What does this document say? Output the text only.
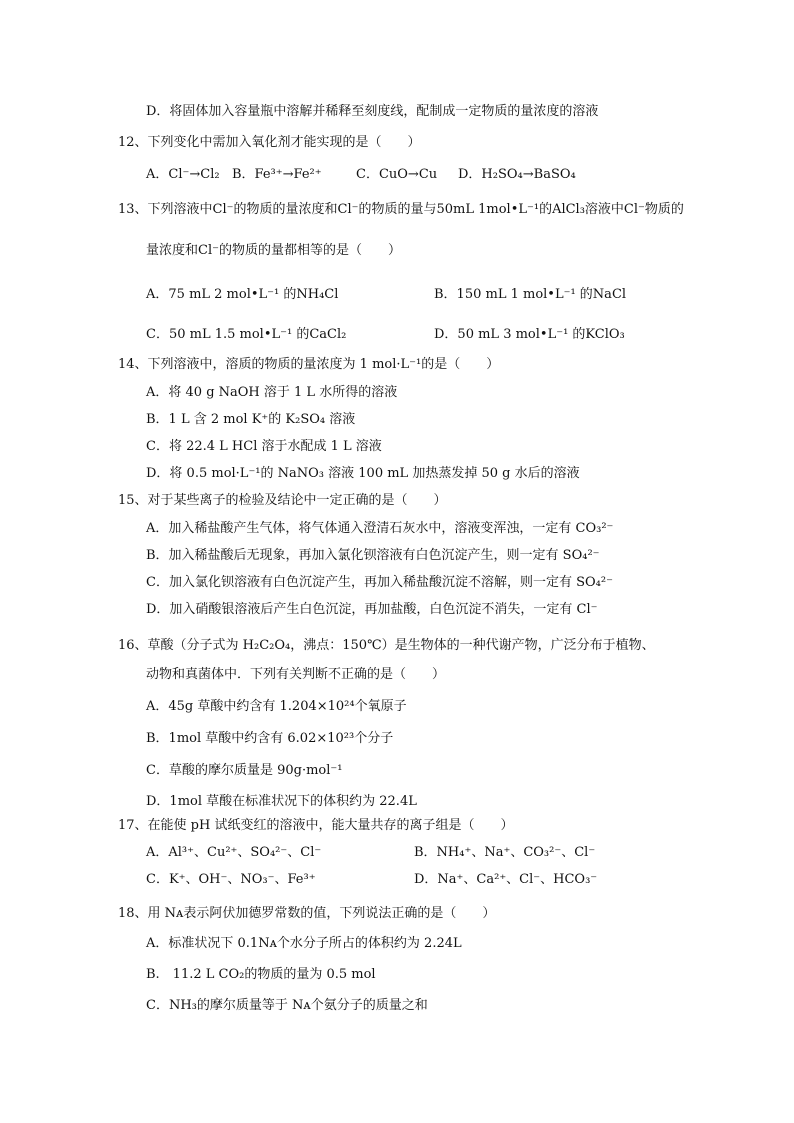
D．将固体加入容量瓶中溶解并稀释至刻度线，配制成一定物质的量浓度的溶液
12、下列变化中需加入氧化剂才能实现的是（　　）
A．Cl⁻→Cl₂ B．Fe³⁺→Fe²⁺	C．CuO→Cu	D．H₂SO₄→BaSO₄
13、下列溶液中Cl⁻的物质的量浓度和Cl⁻的物质的量与50mL 1mol•L⁻¹的AlCl₃溶液中Cl⁻物质的
量浓度和Cl⁻的物质的量都相等的是（　　）
A．75 mL 2 mol•L⁻¹ 的NH₄Cl	B．150 mL 1 mol•L⁻¹ 的NaCl
C．50 mL 1.5 mol•L⁻¹ 的CaCl₂	D．50 mL 3 mol•L⁻¹ 的KClO₃
14、下列溶液中，溶质的物质的量浓度为 1 mol·L⁻¹的是（　　）
A．将 40 g NaOH 溶于 1 L 水所得的溶液
B．1 L 含 2 mol K⁺的 K₂SO₄ 溶液
C．将 22.4 L HCl 溶于水配成 1 L 溶液
D．将 0.5 mol·L⁻¹的 NaNO₃ 溶液 100 mL 加热蒸发掉 50 g 水后的溶液
15、对于某些离子的检验及结论中一定正确的是（　　）
A．加入稀盐酸产生气体，将气体通入澄清石灰水中，溶液变浑浊，一定有 CO₃²⁻
B．加入稀盐酸后无现象，再加入氯化钡溶液有白色沉淀产生，则一定有 SO₄²⁻
C．加入氯化钡溶液有白色沉淀产生，再加入稀盐酸沉淀不溶解，则一定有 SO₄²⁻
D．加入硝酸银溶液后产生白色沉淀，再加盐酸，白色沉淀不消失，一定有 Cl⁻
16、草酸（分子式为 H₂C₂O₄，沸点：150℃）是生物体的一种代谢产物，广泛分布于植物、
动物和真菌体中．下列有关判断不正确的是（　　）
A．45g 草酸中约含有 1.204×10²⁴个氧原子
B．1mol 草酸中约含有 6.02×10²³个分子
C．草酸的摩尔质量是 90g·mol⁻¹
D．1mol 草酸在标准状况下的体积约为 22.4L
17、在能使 pH 试纸变红的溶液中，能大量共存的离子组是（　　）
A．Al³⁺、Cu²⁺、SO₄²⁻、Cl⁻	B．NH₄⁺、Na⁺、CO₃²⁻、Cl⁻
C．K⁺、OH⁻、NO₃⁻、Fe³⁺	D．Na⁺、Ca²⁺、Cl⁻、HCO₃⁻
18、用 Nᴀ表示阿伏加德罗常数的值，下列说法正确的是（　　）
A．标准状况下 0.1Nᴀ个水分子所占的体积约为 2.24L
B.　11.2 L CO₂的物质的量为 0.5 mol
C．NH₃的摩尔质量等于 Nᴀ个氨分子的质量之和
